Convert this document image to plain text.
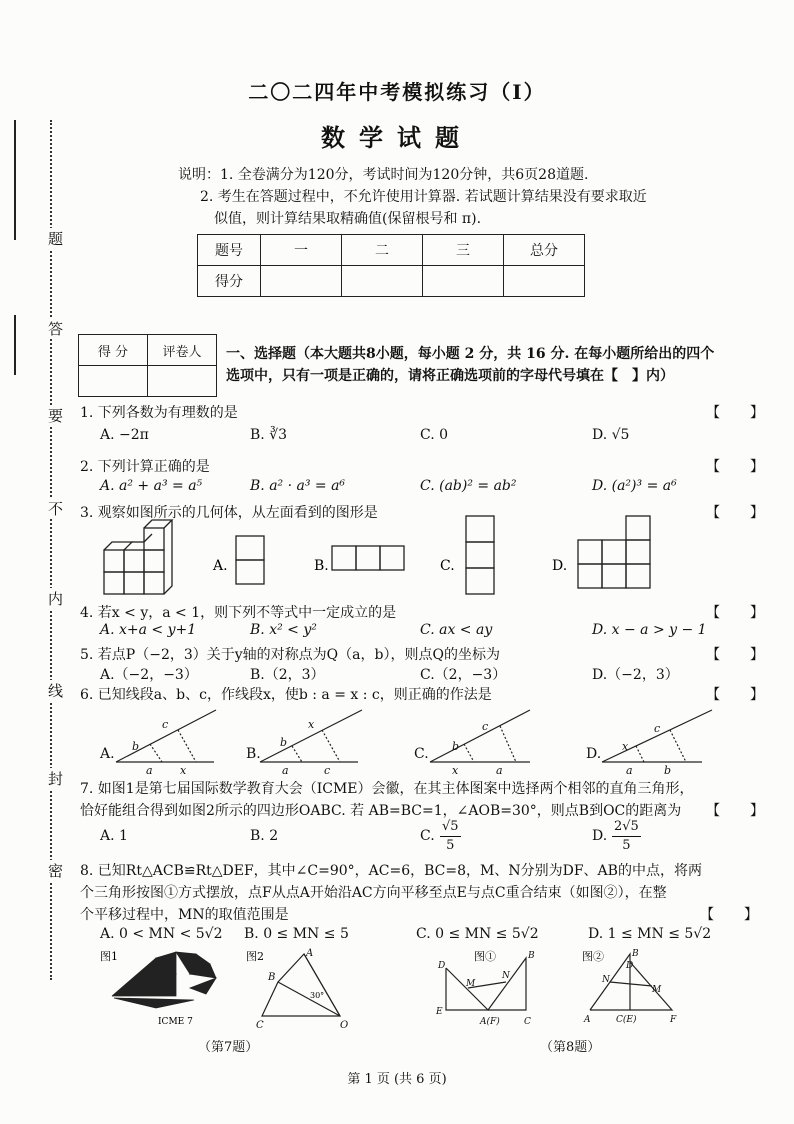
题
答
要
不
内
线
封
密
二〇二四年中考模拟练习（Ⅰ）
数学试题
说明：1. 全卷满分为120分，考试时间为120分钟，共6页28道题.
2. 考生在答题过程中，不允许使用计算器. 若试题计算结果没有要求取近
似值，则计算结果取精确值(保留根号和 π).
题号	一	二	三	总分
得分				
得 分	评卷人
	一、选择题（本大题共8小题，每小题 2 分，共 16 分. 在每小题所给出的四个
选项中，只有一项是正确的，请将正确选项前的字母代号填在【　】内）
1. 下列各数为有理数的是	【　】
A. −2π	B. ∛3	C. 0	D. √5
2. 下列计算正确的是	【　】
A. a² + a³ = a⁵	B. a² · a³ = a⁶	C. (ab)² = ab²	D. (a²)³ = a⁶
3. 观察如图所示的几何体，从左面看到的图形是	【　】
A.	B.	C.	D.
4. 若x < y，a < 1，则下列不等式中一定成立的是	【　】
A. x+a < y+1	B. x² < y²	C. ax < ay	D. x − a > y − 1
5. 若点P（−2，3）关于y轴的对称点为Q（a，b），则点Q的坐标为	【　】
A.（−2，−3）	B.（2，3）	C.（2，−3）	D.（−2，3）
6. 已知线段a、b、c，作线段x，使b : a = x : c，则正确的作法是	【　】
A.	B.	C.	D.
b
c
a x
b
x
a	c
b
c
x	a
x
c
a	b
7. 如图1是第七届国际数学教育大会（ICME）会徽，在其主体图案中选择两个相邻的直角三角形，
恰好能组合得到如图2所示的四边形OABC. 若 AB=BC=1，∠AOB=30°，则点B到OC的距离为 【　】
A. 1	B. 2	C. $\frac{√5}{5}$	D. $\frac{2√5}{5}$
8. 已知Rt△ACB≌Rt△DEF，其中∠C=90°，AC=6，BC=8，M、N分别为DF、AB的中点，将两
个三角形按图①方式摆放，点F从点A开始沿AC方向平移至点E与点C重合结束（如图②），在整
个平移过程中，MN的取值范围是	【　】
A. 0 < MN < 5√2 B. 0 ≤ MN ≤ 5	C. 0 ≤ MN ≤ 5√2	D. 1 ≤ MN ≤ 5√2
图1
ICME 7
图2	A
B
C	O
30°
图①
D
E
M
N
B
A(F)	C
图②	B
D
N
M
A	C(E)	F
（第7题）	（第8题）
第 1 页 (共 6 页)
